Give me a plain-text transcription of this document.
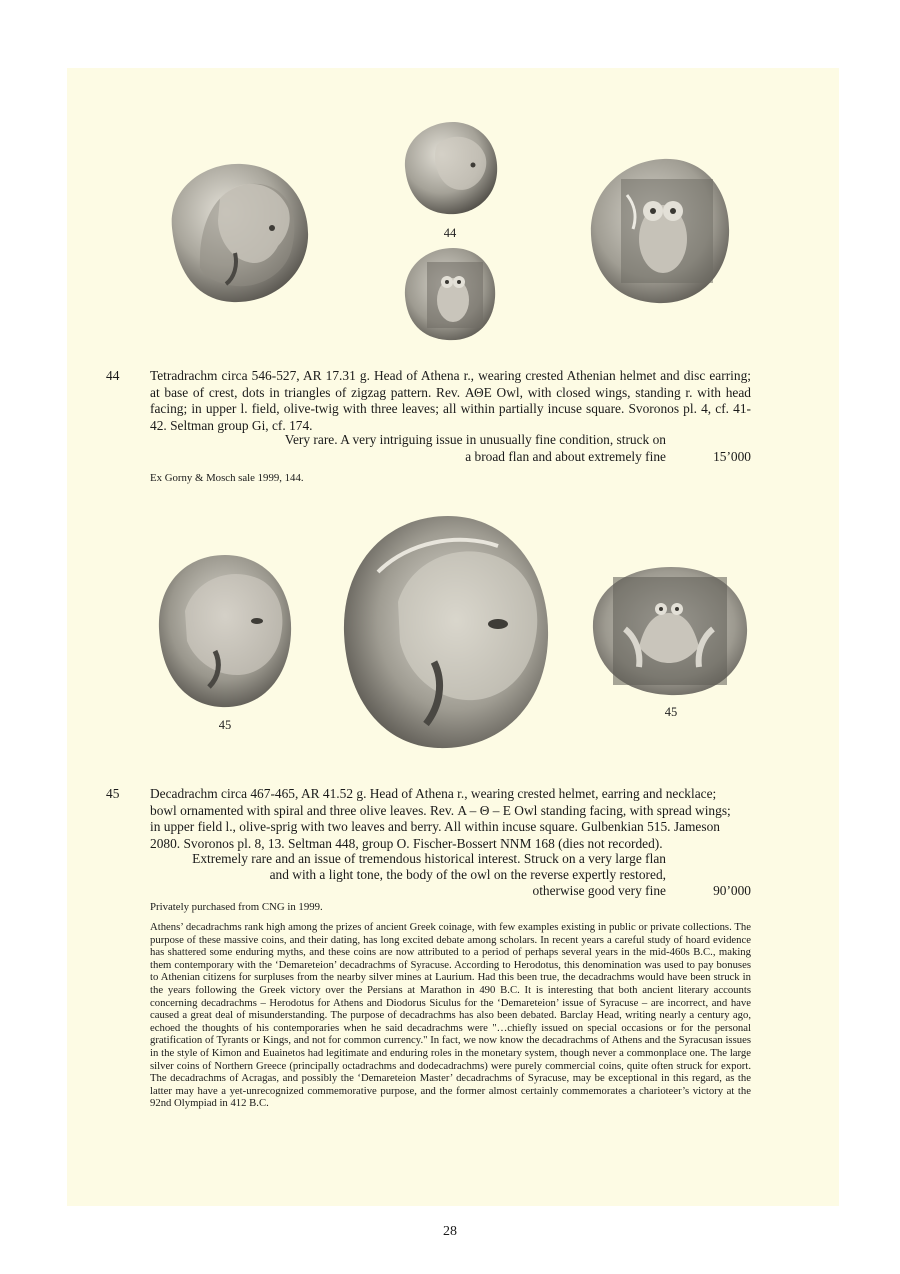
44
44	Tetradrachm circa 546-527, AR 17.31 g. Head of Athena r., wearing crested Athenian helmet and disc earring; at base of crest, dots in triangles of zigzag pattern. Rev. ΑΘΕ Owl, with closed wings, standing r. with head facing; in upper l. field, olive-twig with three leaves; all within partially incuse square. Svoronos pl. 4, cf. 41-42. Seltman group Gi, cf. 174.
Very rare. A very intriguing issue in unusually fine condition, struck on
a broad flan and about extremely fine	15’000
Ex Gorny & Mosch sale 1999, 144.
45
45
45	Decadrachm circa 467-465, AR 41.52 g. Head of Athena r., wearing crested helmet, earring and necklace;
bowl ornamented with spiral and three olive leaves. Rev. Α – Θ – Ε Owl standing facing, with spread wings;
in upper field l., olive-sprig with two leaves and berry. All within incuse square. Gulbenkian 515. Jameson
2080. Svoronos pl. 8, 13. Seltman 448, group O. Fischer-Bossert NNM 168 (dies not recorded).
Extremely rare and an issue of tremendous historical interest. Struck on a very large flan
and with a light tone, the body of the owl on the reverse expertly restored,
otherwise good very fine	90’000
Privately purchased from CNG in 1999.
Athens’ decadrachms rank high among the prizes of ancient Greek coinage, with few examples existing in public or private collections. The purpose of these massive coins, and their dating, has long excited debate among scholars. In recent years a careful study of hoard evidence has shattered some enduring myths, and these coins are now attributed to a period of perhaps several years in the mid-460s B.C., making them contemporary with the ‘Demareteion’ decadrachms of Syracuse. According to Herodotus, this denomination was used to pay bonuses to Athenian citizens for surpluses from the nearby silver mines at Laurium. Had this been true, the decadrachms would have been struck in the years following the Greek victory over the Persians at Marathon in 490 B.C. It is interesting that both ancient literary accounts concerning decadrachms – Herodotus for Athens and Diodorus Siculus for the ‘Demareteion’ issue of Syracuse – are incorrect, and have caused a great deal of misunderstanding. The purpose of decadrachms has also been debated. Barclay Head, writing nearly a century ago, echoed the thoughts of his contemporaries when he said decadrachms were "…chiefly issued on special occasions or for the personal gratification of Tyrants or Kings, and not for common currency." In fact, we now know the decadrachms of Athens and the Syracusan issues in the style of Kimon and Euainetos had legitimate and enduring roles in the monetary system, though never a commonplace one. The large silver coins of Northern Greece (principally octadrachms and dodecadrachms) were purely commercial coins, quite often struck for export. The decadrachms of Acragas, and possibly the ‘Demareteion Master’ decadrachms of Syracuse, may be exceptional in this regard, as the latter may have a yet-unrecognized commemorative purpose, and the former almost certainly commemorates a charioteer’s victory at the 92nd Olympiad in 412 B.C.
28
